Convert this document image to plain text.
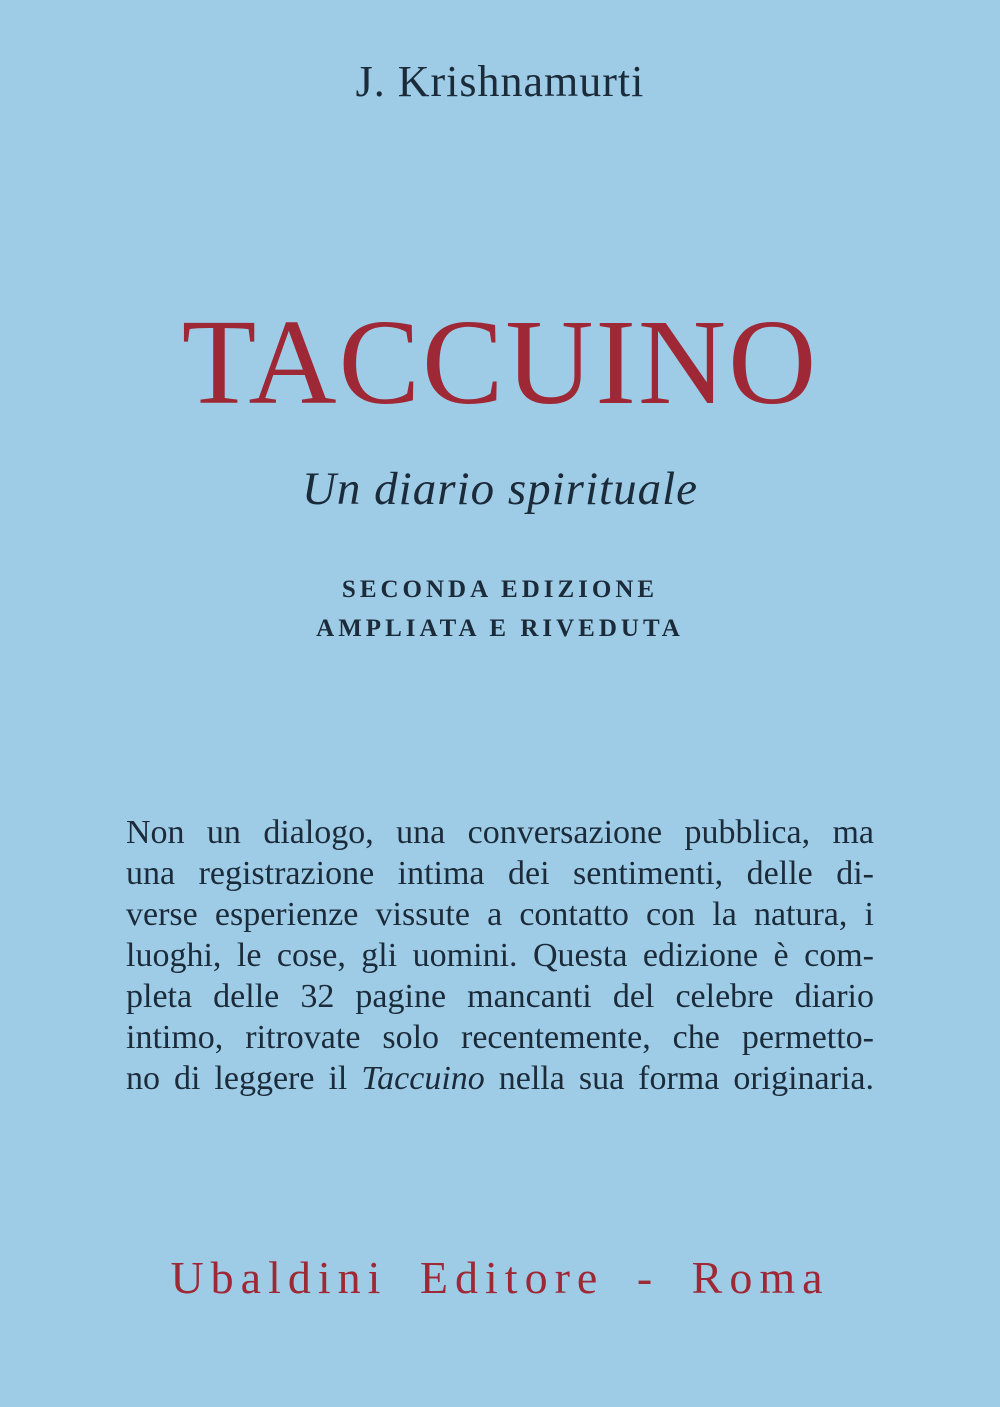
J. Krishnamurti
TACCUINO
Un diario spirituale
SECONDA EDIZIONE
AMPLIATA E RIVEDUTA
Non un dialogo, una conversazione pubblica, ma
una registrazione intima dei sentimenti, delle di-
verse esperienze vissute a contatto con la natura, i
luoghi, le cose, gli uomini. Questa edizione è com-
pleta delle 32 pagine mancanti del celebre diario
intimo, ritrovate solo recentemente, che permetto-
no di leggere il Taccuino nella sua forma originaria.
Ubaldini Editore - Roma
